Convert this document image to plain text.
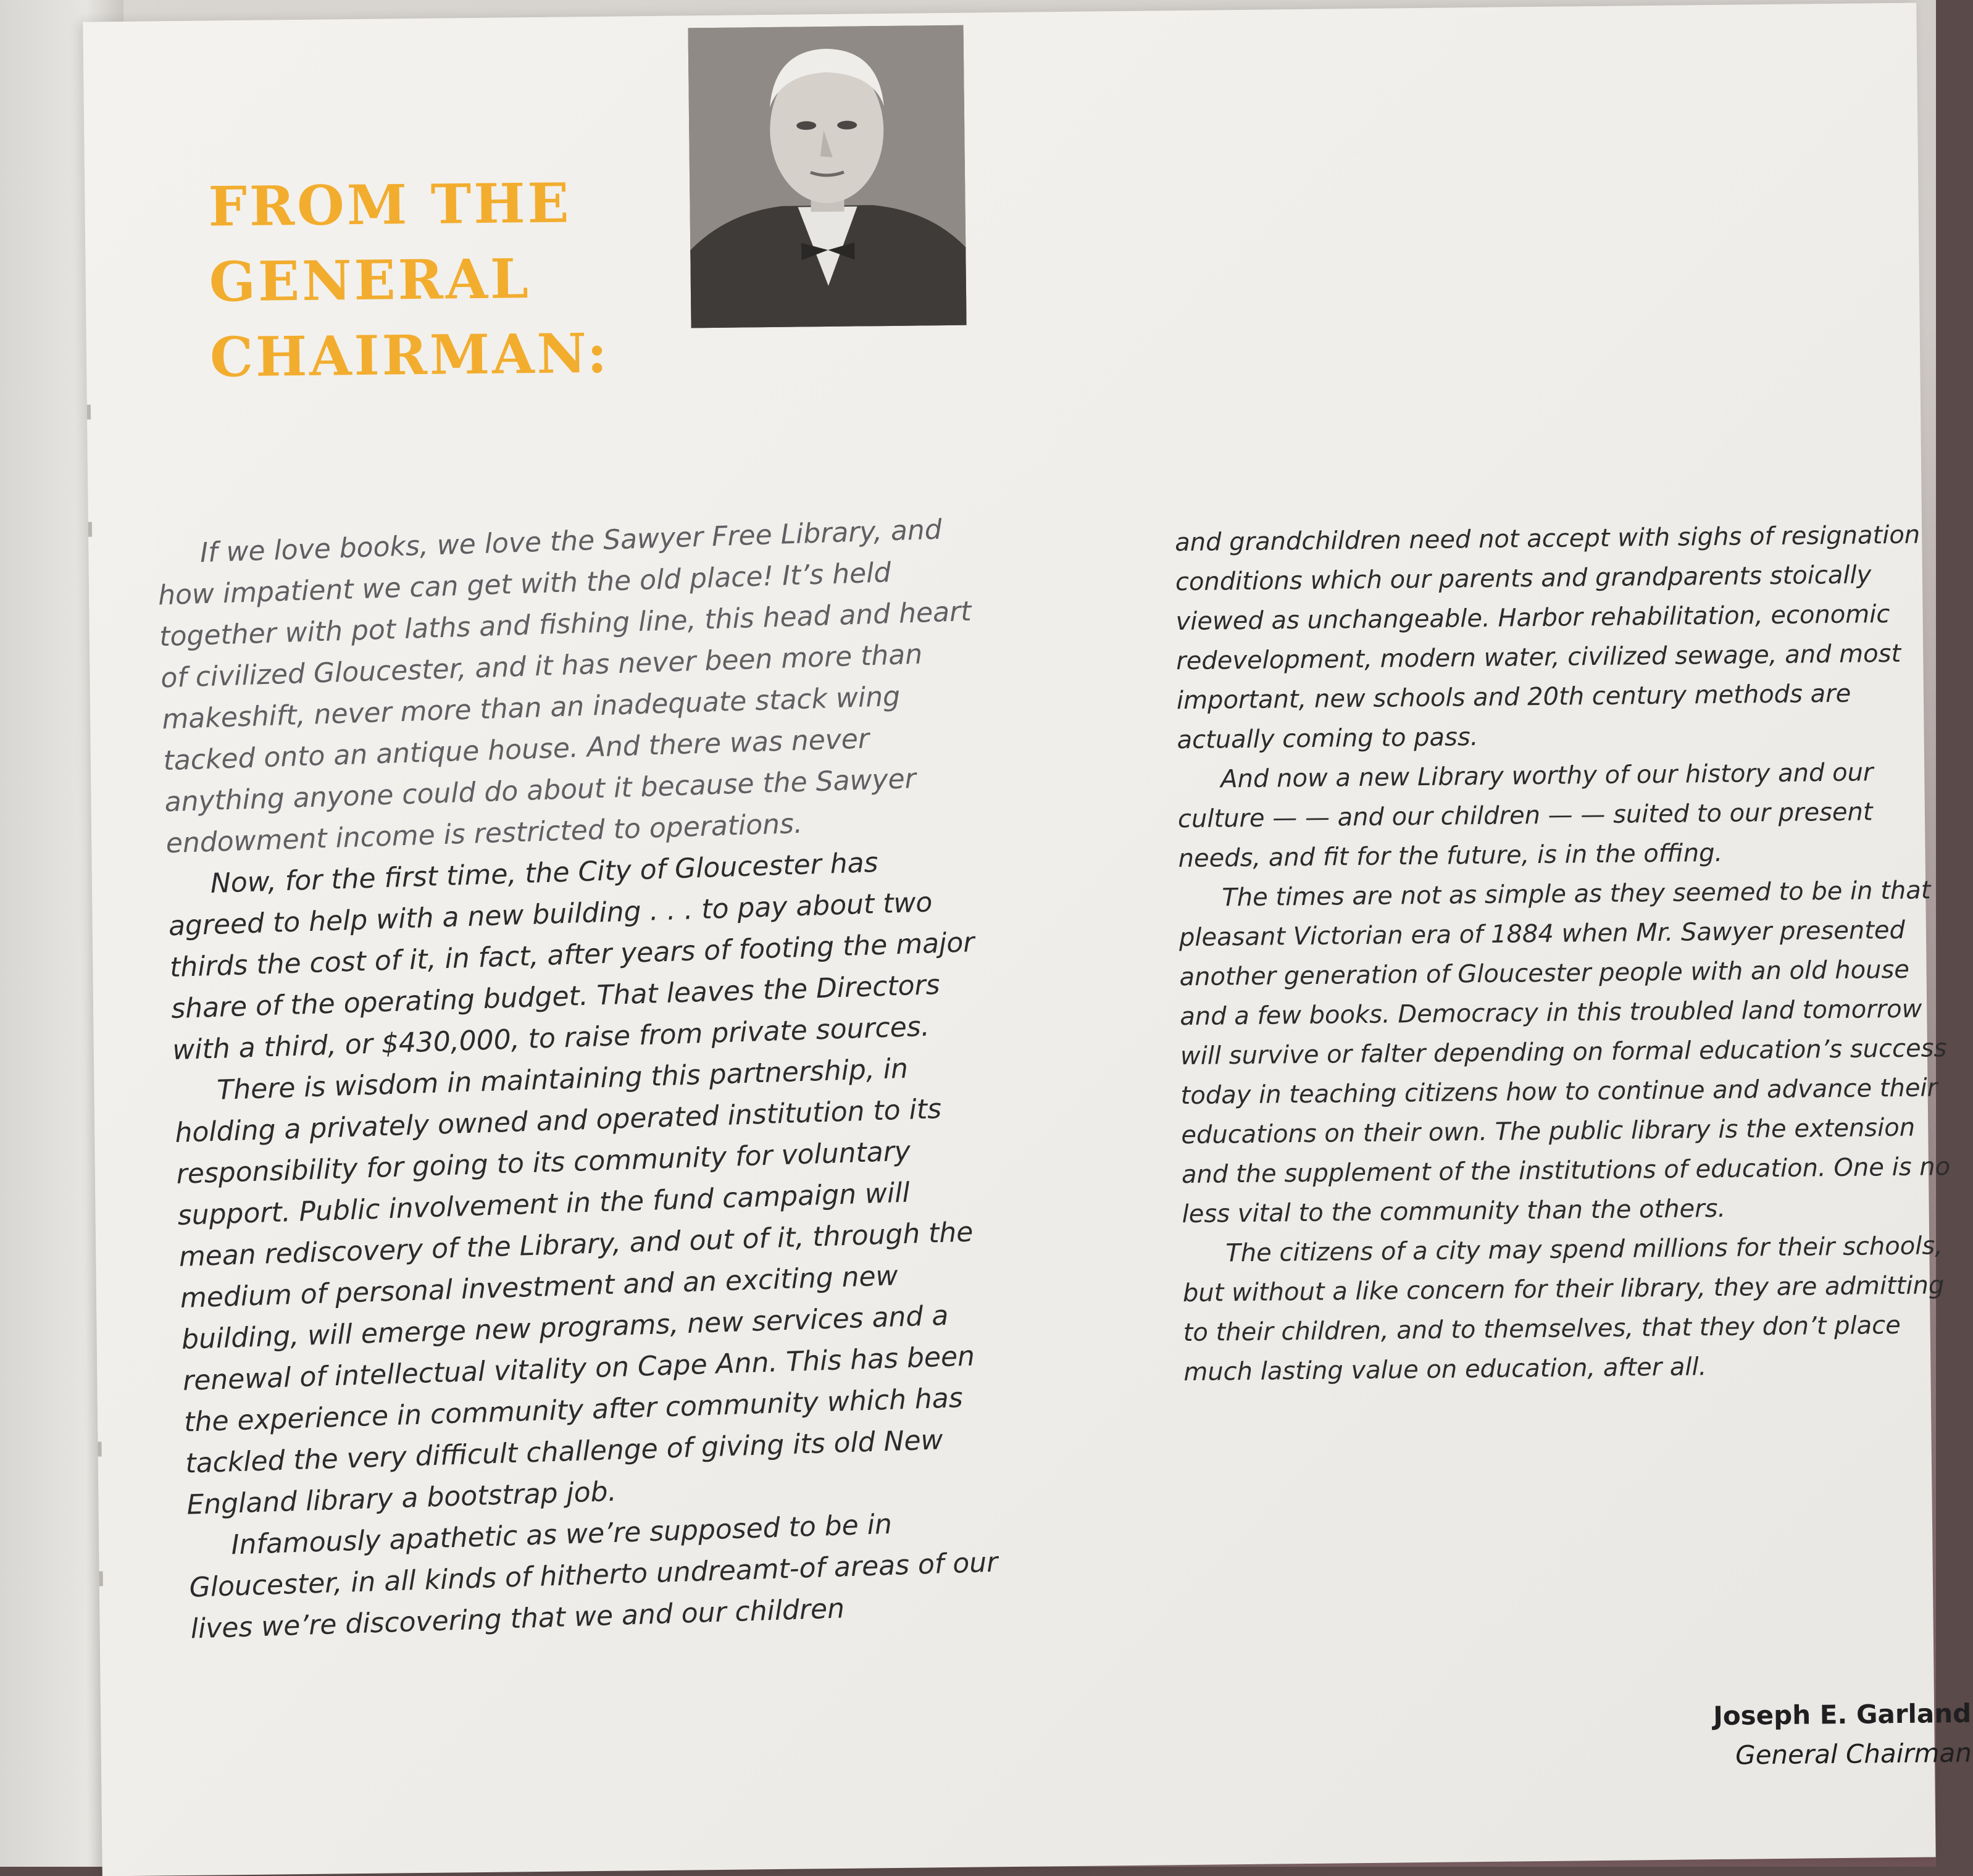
FROM THE
GENERAL
CHAIRMAN:

If we love books, we love the Sawyer Free Library, and how impatient we can get with the old place! It’s held together with pot laths and fishing line, this head and heart of civilized Gloucester, and it has never been more than makeshift, never more than an inadequate stack wing tacked onto an antique house. And there was never anything anyone could do about it because the Sawyer endowment income is restricted to operations.

Now, for the first time, the City of Gloucester has agreed to help with a new building . . . to pay about two thirds the cost of it, in fact, after years of footing the major share of the operating budget. That leaves the Directors with a third, or $430,000, to raise from private sources.

There is wisdom in maintaining this partnership, in holding a privately owned and operated institution to its responsibility for going to its community for voluntary support. Public involvement in the fund campaign will mean rediscovery of the Library, and out of it, through the medium of personal investment and an exciting new building, will emerge new programs, new services and a renewal of intellectual vitality on Cape Ann. This has been the experience in community after community which has tackled the very difficult challenge of giving its old New England library a bootstrap job.

Infamously apathetic as we’re supposed to be in Gloucester, in all kinds of hitherto undreamt-of areas of our lives we’re discovering that we and our children

and grandchildren need not accept with sighs of resignation conditions which our parents and grandparents stoically viewed as unchangeable. Harbor rehabilitation, economic redevelopment, modern water, civilized sewage, and most important, new schools and 20th century methods are actually coming to pass.

And now a new Library worthy of our history and our culture — — and our children — — suited to our present needs, and fit for the future, is in the offing.

The times are not as simple as they seemed to be in that pleasant Victorian era of 1884 when Mr. Sawyer presented another generation of Gloucester people with an old house and a few books. Democracy in this troubled land tomorrow will survive or falter depending on formal education’s success today in teaching citizens how to continue and advance their educations on their own. The public library is the extension and the supplement of the institutions of education. One is no less vital to the community than the others.

The citizens of a city may spend millions for their schools, but without a like concern for their library, they are admitting to their children, and to themselves, that they don’t place much lasting value on education, after all.

Joseph E. Garland
General Chairman
